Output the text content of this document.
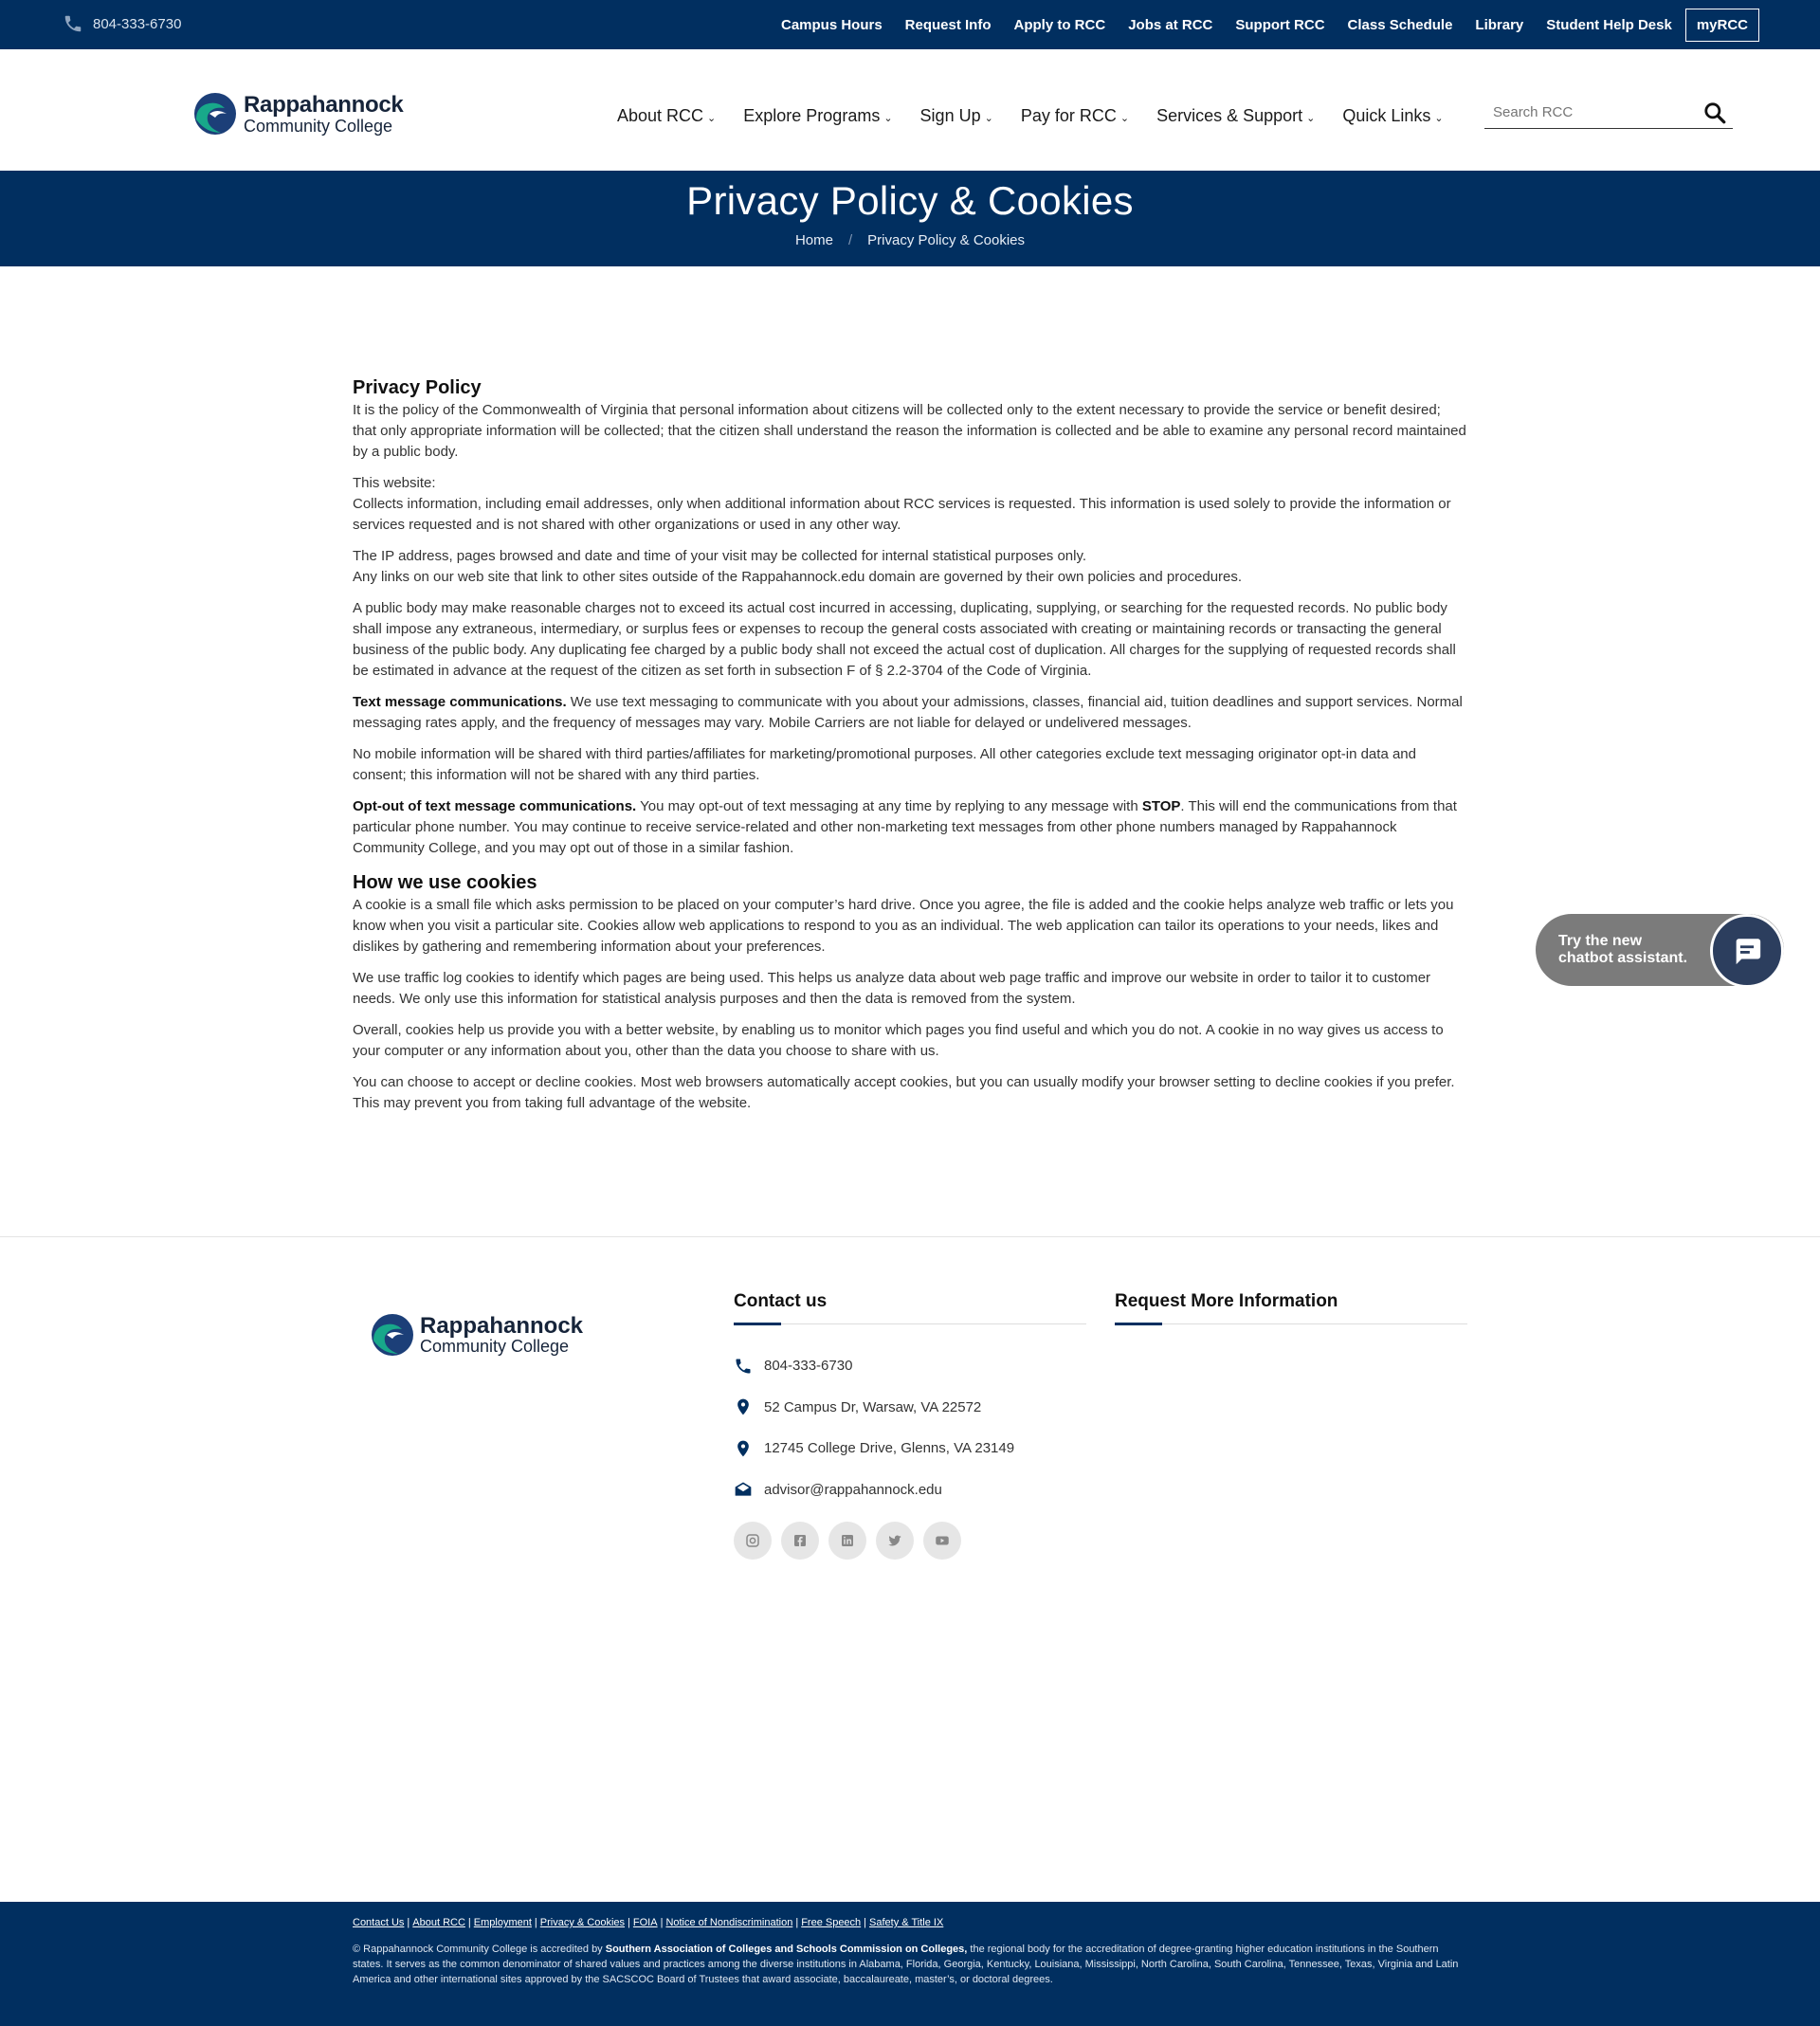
804-333-6730	Campus Hours Request Info Apply to RCC Jobs at RCC Support RCC Class Schedule Library Student Help Desk	myRCC
Rappahannock
Community College
About RCC ⌄ Explore Programs ⌄ Sign Up ⌄ Pay for RCC ⌄ Services & Support ⌄ Quick Links ⌄
Search RCC
Privacy Policy & Cookies
Home / Privacy Policy & Cookies
Privacy Policy

It is the policy of the Commonwealth of Virginia that personal information about citizens will be collected only to the extent necessary to provide the service or benefit desired; that only appropriate information will be collected; that the citizen shall understand the reason the information is collected and be able to examine any personal record maintained by a public body.

This website:
Collects information, including email addresses, only when additional information about RCC services is requested. This information is used solely to provide the information or services requested and is not shared with other organizations or used in any other way.

The IP address, pages browsed and date and time of your visit may be collected for internal statistical purposes only.
Any links on our web site that link to other sites outside of the Rappahannock.edu domain are governed by their own policies and procedures.

A public body may make reasonable charges not to exceed its actual cost incurred in accessing, duplicating, supplying, or searching for the requested records. No public body shall impose any extraneous, intermediary, or surplus fees or expenses to recoup the general costs associated with creating or maintaining records or transacting the general business of the public body. Any duplicating fee charged by a public body shall not exceed the actual cost of duplication. All charges for the supplying of requested records shall be estimated in advance at the request of the citizen as set forth in subsection F of § 2.2-3704 of the Code of Virginia.

Text message communications. We use text messaging to communicate with you about your admissions, classes, financial aid, tuition deadlines and support services. Normal messaging rates apply, and the frequency of messages may vary. Mobile Carriers are not liable for delayed or undelivered messages.

No mobile information will be shared with third parties/affiliates for marketing/promotional purposes. All other categories exclude text messaging originator opt-in data and consent; this information will not be shared with any third parties.

Opt-out of text message communications. You may opt-out of text messaging at any time by replying to any message with STOP. This will end the communications from that particular phone number. You may continue to receive service-related and other non-marketing text messages from other phone numbers managed by Rappahannock Community College, and you may opt out of those in a similar fashion.

How we use cookies

A cookie is a small file which asks permission to be placed on your computer’s hard drive. Once you agree, the file is added and the cookie helps analyze web traffic or lets you know when you visit a particular site. Cookies allow web applications to respond to you as an individual. The web application can tailor its operations to your needs, likes and dislikes by gathering and remembering information about your preferences.

We use traffic log cookies to identify which pages are being used. This helps us analyze data about web page traffic and improve our website in order to tailor it to customer needs. We only use this information for statistical analysis purposes and then the data is removed from the system.

Overall, cookies help us provide you with a better website, by enabling us to monitor which pages you find useful and which you do not. A cookie in no way gives us access to your computer or any information about you, other than the data you choose to share with us.

You can choose to accept or decline cookies. Most web browsers automatically accept cookies, but you can usually modify your browser setting to decline cookies if you prefer. This may prevent you from taking full advantage of the website.

Try the new
chatbot assistant.
Rappahannock
Community College
Contact us
804-333-6730
52 Campus Dr, Warsaw, VA 22572
12745 College Drive, Glenns, VA 23149
advisor@rappahannock.edu
Request More Information
Contact Us | About RCC | Employment | Privacy & Cookies | FOIA | Notice of Nondiscrimination | Free Speech | Safety & Title IX
© Rappahannock Community College is accredited by Southern Association of Colleges and Schools Commission on Colleges, the regional body for the accreditation of degree-granting higher education institutions in the Southern states. It serves as the common denominator of shared values and practices among the diverse institutions in Alabama, Florida, Georgia, Kentucky, Louisiana, Mississippi, North Carolina, South Carolina, Tennessee, Texas, Virginia and Latin America and other international sites approved by the SACSCOC Board of Trustees that award associate, baccalaureate, master’s, or doctoral degrees.
